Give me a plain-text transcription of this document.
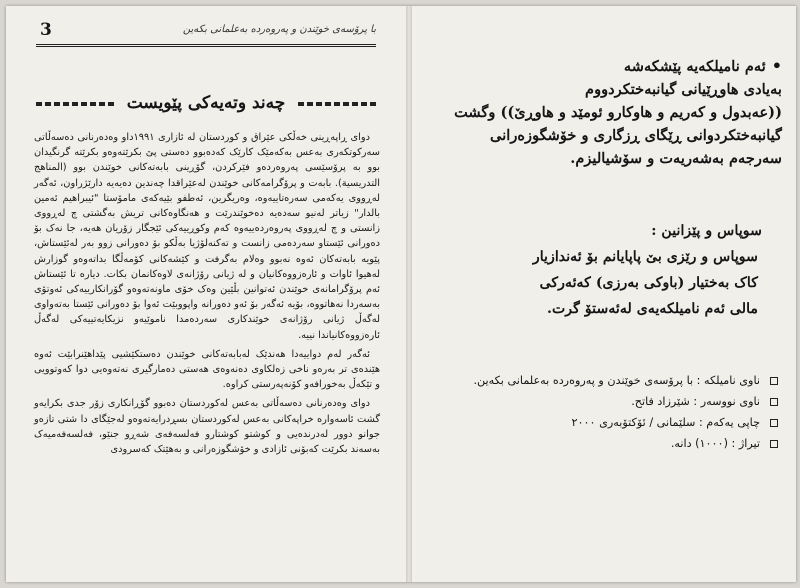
3	با پرۆسەی خوێندن و پەروەردە بەعلمانی بکەین
چەند وتەیەکی پێویست

دوای ڕاپەڕینی خەڵکی عێراق و کوردستان لە ئازاری ١٩٩١داو وەدەرنانی دەسەڵاتی سەرکوتکەری بەعس بەکەمێک کارێک کەدەبوو دەستی پێ بکرێتەوەو بکرێتە گرنگیدان بوو بە پرۆسێسی پەروەردەو فێرکردن، گۆڕینی بابەتەکانی خوێندن بوو (المناهج التدريسية). بابەت و پرۆگرامەکانی خوێندن لەعێراقدا چەندین دەیەیە دارێژراون، ئەگەر لەڕووی یەکەمی سەرەتاییەوە، وەریگرین، ئەطفو بێیەکەی مامۆستا "ئیبراهیم ئەمین بالدار" زیاتر لەنیو سەدەیە دەخوێندرێت و هەنگاوەکانی تریش بەگشتی چ لەڕووی زانستی و چ لەڕووی پەروەردەییەوە کەم وکوڕییەکی ئێجگار زۆریان هەیە، جا نەک بۆ دەورانی ئێستاو سەردەمی زانست و تەکنەلۆژیا بەڵکو بۆ دەورانی زوو بەر لەئێستاش، پێویە بابەتەکان ئەوە نەبوو وەلام بەگرفت و کێشەکانی کۆمەڵگا بداتەوەو گوزارش لەهیوا ئاوات و ئارەزووەکانیان و لە ژیانی رۆژانەی لاوەکانمان بکات. دیارە تا ئێستاش ئەم پرۆگرامانەی خوێندن ئەتوانین بڵێین وەک خۆی ماونەتەوەو گۆرانکارییەکی ئەوتۆی بەسەردا نەهاتووە، بۆیە ئەگەر بۆ ئەو دەورانە واپووبێت ئەوا بۆ دەورانی ئێستا بەتەواوی لەگەڵ ژیانی رۆژانەی خوێندکاری سەردەمدا ناموێیەو نزیکایەتییەکی لەگەڵ ئارەزووەکانیاندا نییە.

ئەگەر لەم دواییەدا هەندێک لەبابەتەکانی خوێندن دەستکێشیی پێداهێنرابێت ئەوە هێندەی تر بەرەو ناخی زەلکاوی دەنەوەی هەستی دەمارگیری نەتەوەیی دوا کەوتوویی و تێکەڵ بەخورافەو کۆنەپەرستی کراوە.

دوای وەدەرنانی دەسەڵاتی بەعس لەکوردستان دەبوو گۆڕانکاری زۆر جدی بکرایەو گشت ئاسەوارە خراپەکانی بەعس لەکوردستان بسڕدرایەتەوەو لەجێگای دا شتی تازەو جوانو دوور لەدرندەیی و کوشتو کوشتارو فەلسەفەی شەڕو جنێو، فەلسەفەمیەک بەسەند بکرێت کەبۆنی ئازادی و خۆشگوزەرانی و بەهێتک کەسرودی

•ئەم نامیلکەیە پێشکەشە
بەیادی هاوڕێیانی گیانبەختکردووم
((عەبدول و کەریم و هاوکارو ئومێد و هاوڕێ)) وگشت
گیانبەختکردوانی ڕێگای ڕزگاری و خۆشگوزەرانی
سەرجەم بەشەریەت و سۆشیالیزم.
سوپاس و پێزانین :
سوپاس و رێزی بێ پاپایانم بۆ ئەندازیار
کاک بەختیار (باوکی بەرزی) کەئەرکی
مالی ئەم نامیلکەیەی لەئەستۆ گرت.
ناوی نامیلکە : با پرۆسەی خوێندن و پەروەردە بەعلمانی بکەین.
ناوی نووسەر : شێرزاد فاتح.
چاپی یەکەم : سلێمانی / ئۆکتۆبەری ٢٠٠٠
تیراژ : (١٠٠٠) دانە.
